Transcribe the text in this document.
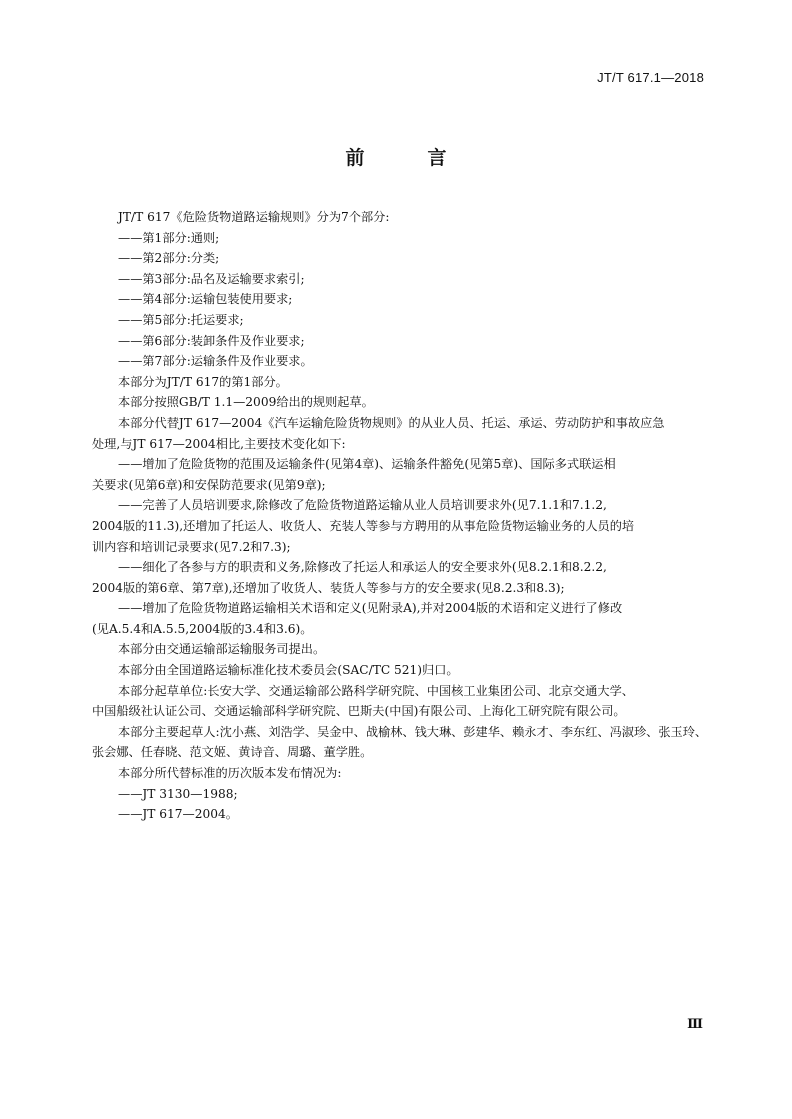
JT/T 617.1—2018
前　言
JT/T 617《危险货物道路运输规则》分为7个部分:
——第1部分:通则;
——第2部分:分类;
——第3部分:品名及运输要求索引;
——第4部分:运输包装使用要求;
——第5部分:托运要求;
——第6部分:装卸条件及作业要求;
——第7部分:运输条件及作业要求。
本部分为JT/T 617的第1部分。
本部分按照GB/T 1.1—2009给出的规则起草。
本部分代替JT 617—2004《汽车运输危险货物规则》的从业人员、托运、承运、劳动防护和事故应急
处理,与JT 617—2004相比,主要技术变化如下:
——增加了危险货物的范围及运输条件(见第4章)、运输条件豁免(见第5章)、国际多式联运相
关要求(见第6章)和安保防范要求(见第9章);
——完善了人员培训要求,除修改了危险货物道路运输从业人员培训要求外(见7.1.1和7.1.2,
2004版的11.3),还增加了托运人、收货人、充装人等参与方聘用的从事危险货物运输业务的人员的培
训内容和培训记录要求(见7.2和7.3);
——细化了各参与方的职责和义务,除修改了托运人和承运人的安全要求外(见8.2.1和8.2.2,
2004版的第6章、第7章),还增加了收货人、装货人等参与方的安全要求(见8.2.3和8.3);
——增加了危险货物道路运输相关术语和定义(见附录A),并对2004版的术语和定义进行了修改
(见A.5.4和A.5.5,2004版的3.4和3.6)。
本部分由交通运输部运输服务司提出。
本部分由全国道路运输标准化技术委员会(SAC/TC 521)归口。
本部分起草单位:长安大学、交通运输部公路科学研究院、中国核工业集团公司、北京交通大学、
中国船级社认证公司、交通运输部科学研究院、巴斯夫(中国)有限公司、上海化工研究院有限公司。
本部分主要起草人:沈小燕、刘浩学、吴金中、战榆林、钱大琳、彭建华、赖永才、李东红、冯淑珍、张玉玲、
张会娜、任春晓、范文姬、黄诗音、周璐、董学胜。
本部分所代替标准的历次版本发布情况为:
——JT 3130—1988;
——JT 617—2004。
Ⅲ
